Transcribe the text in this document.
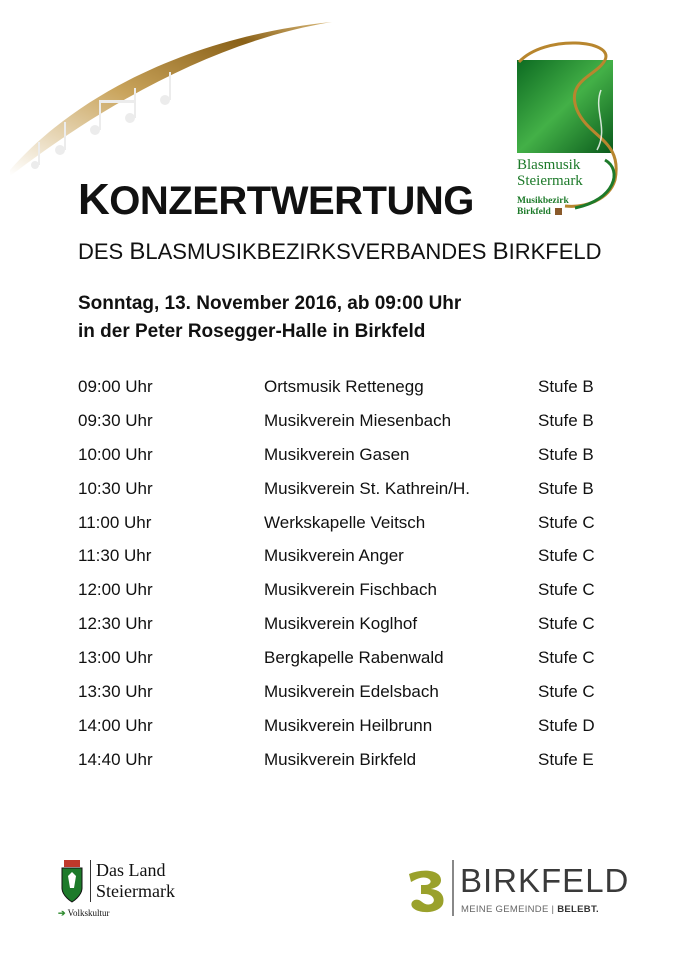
Blasmusik
Steiermark
Musikbezirk
Birkfeld
KONZERTWERTUNG
DES BLASMUSIKBEZIRKSVERBANDES BIRKFELD
Sonntag, 13. November 2016, ab 09:00 Uhr
in der Peter Rosegger-Halle in Birkfeld
09:00 Uhr	Ortsmusik Rettenegg	Stufe B
09:30 Uhr	Musikverein Miesenbach	Stufe B
10:00 Uhr	Musikverein Gasen	Stufe B
10:30 Uhr	Musikverein St. Kathrein/H.	Stufe B
11:00 Uhr	Werkskapelle Veitsch	Stufe C
11:30 Uhr	Musikverein Anger	Stufe C
12:00 Uhr	Musikverein Fischbach	Stufe C
12:30 Uhr	Musikverein Koglhof	Stufe C
13:00 Uhr	Bergkapelle Rabenwald	Stufe C
13:30 Uhr	Musikverein Edelsbach	Stufe C
14:00 Uhr	Musikverein Heilbrunn	Stufe D
14:40 Uhr	Musikverein Birkfeld	Stufe E
Das Land
Steiermark
➔ Volkskultur
BIRKFELD
MEINE GEMEINDE | BELEBT.
